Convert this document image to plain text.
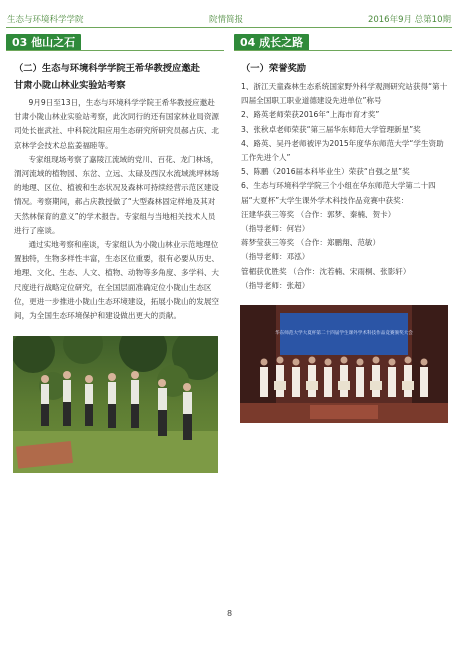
生态与环境科学学院	院情简报	2016年9月 总第10期
03 他山之石	04 成长之路
（二）生态与环境科学学院王希华教授应邀赴
甘肃小陇山林业实验站考察

9月9日至13日，生态与环境科学学院王希华教授应邀赴甘肃小陇山林业实验站考察，此次同行的还有国家林业局资源司处长崔武社、中科院沈阳应用生态研究所研究员郝占庆、北京林学会技术总监姜福睦等。

专家组现场考察了嘉陵江流域的党川、百花、龙门林场，渭河流域的植物园、东岔、立远、太碌及西汉水流域洮坪林场的地理、区位、植被和生态状况及森林可持续经营示范区建设情况。考察期间，郝占庆教授做了“大型森林固定样地及其对天然林保育的意义”的学术报告。专家组与当地相关技术人员进行了座谈。

通过实地考察和座谈，专家组认为小陇山林业示范地理位置独特，生物多样性丰富，生态区位重要，很有必要从历史、地理、文化、生态、人文、植物、动物等多角度、多学科、大尺度进行战略定位研究，在全国层面准确定位小陇山生态区位，更进一步推进小陇山生态环境建设，拓展小陇山的发展空间，为全国生态环境保护和建设做出更大的贡献。

（一）荣誉奖励

1、浙江天童森林生态系统国家野外科学观测研究站获得“第十四届全国职工职业道德建设先进单位”称号

2、路英老师荣获2016年“上海市育才奖”

3、张秋卓老师荣获“第三届华东师范大学管理新星”奖

4、路英、吴丹老师被评为2015年度华东师范大学“学生资助工作先进个人”

5、陈鹏（2016届本科毕业生）荣获“自强之星”奖

6、生态与环境科学学院三个小组在华东师范大学第二十四届“大夏杯”大学生课外学术科技作品竞赛中获奖：

汪建华获三等奖 （合作：郭梦、秦楠、贺卡）

（指导老师：何岩）

蒋梦莹获三等奖 （合作：郑鹏翔、范敏）

（指导老师：邓泓）

管楣获优胜奖 （合作：沈若楠、宋雨桐、张影轩）

（指导老师：张超）

华东师范大学大夏杯第二十四届学生课外学术科技作品竞赛颁奖大会
8
